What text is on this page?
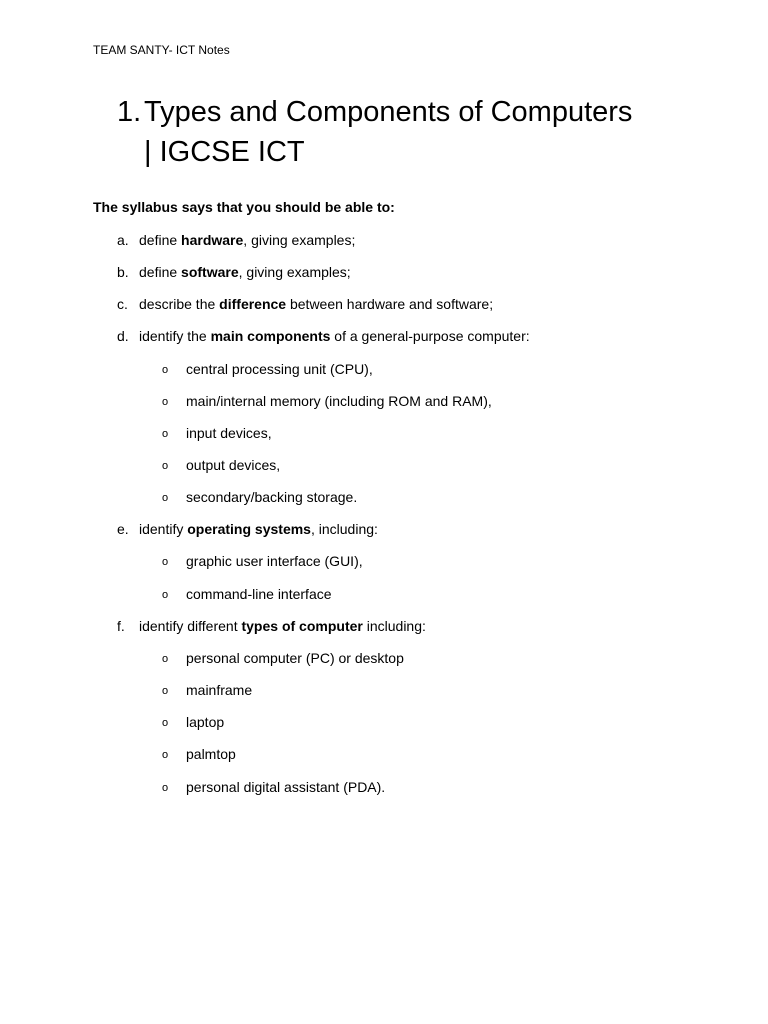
TEAM SANTY- ICT Notes
1.Types and Components of Computers
| IGCSE ICT
The syllabus says that you should be able to:
a. define hardware, giving examples;
b. define software, giving examples;
c. describe the difference between hardware and software;
d. identify the main components of a general-purpose computer:
o central processing unit (CPU),
o main/internal memory (including ROM and RAM),
o input devices,
o output devices,
o secondary/backing storage.
e. identify operating systems, including:
o graphic user interface (GUI),
o command-line interface
f. identify different types of computer including:
o personal computer (PC) or desktop
o mainframe
o laptop
o palmtop
o personal digital assistant (PDA).
